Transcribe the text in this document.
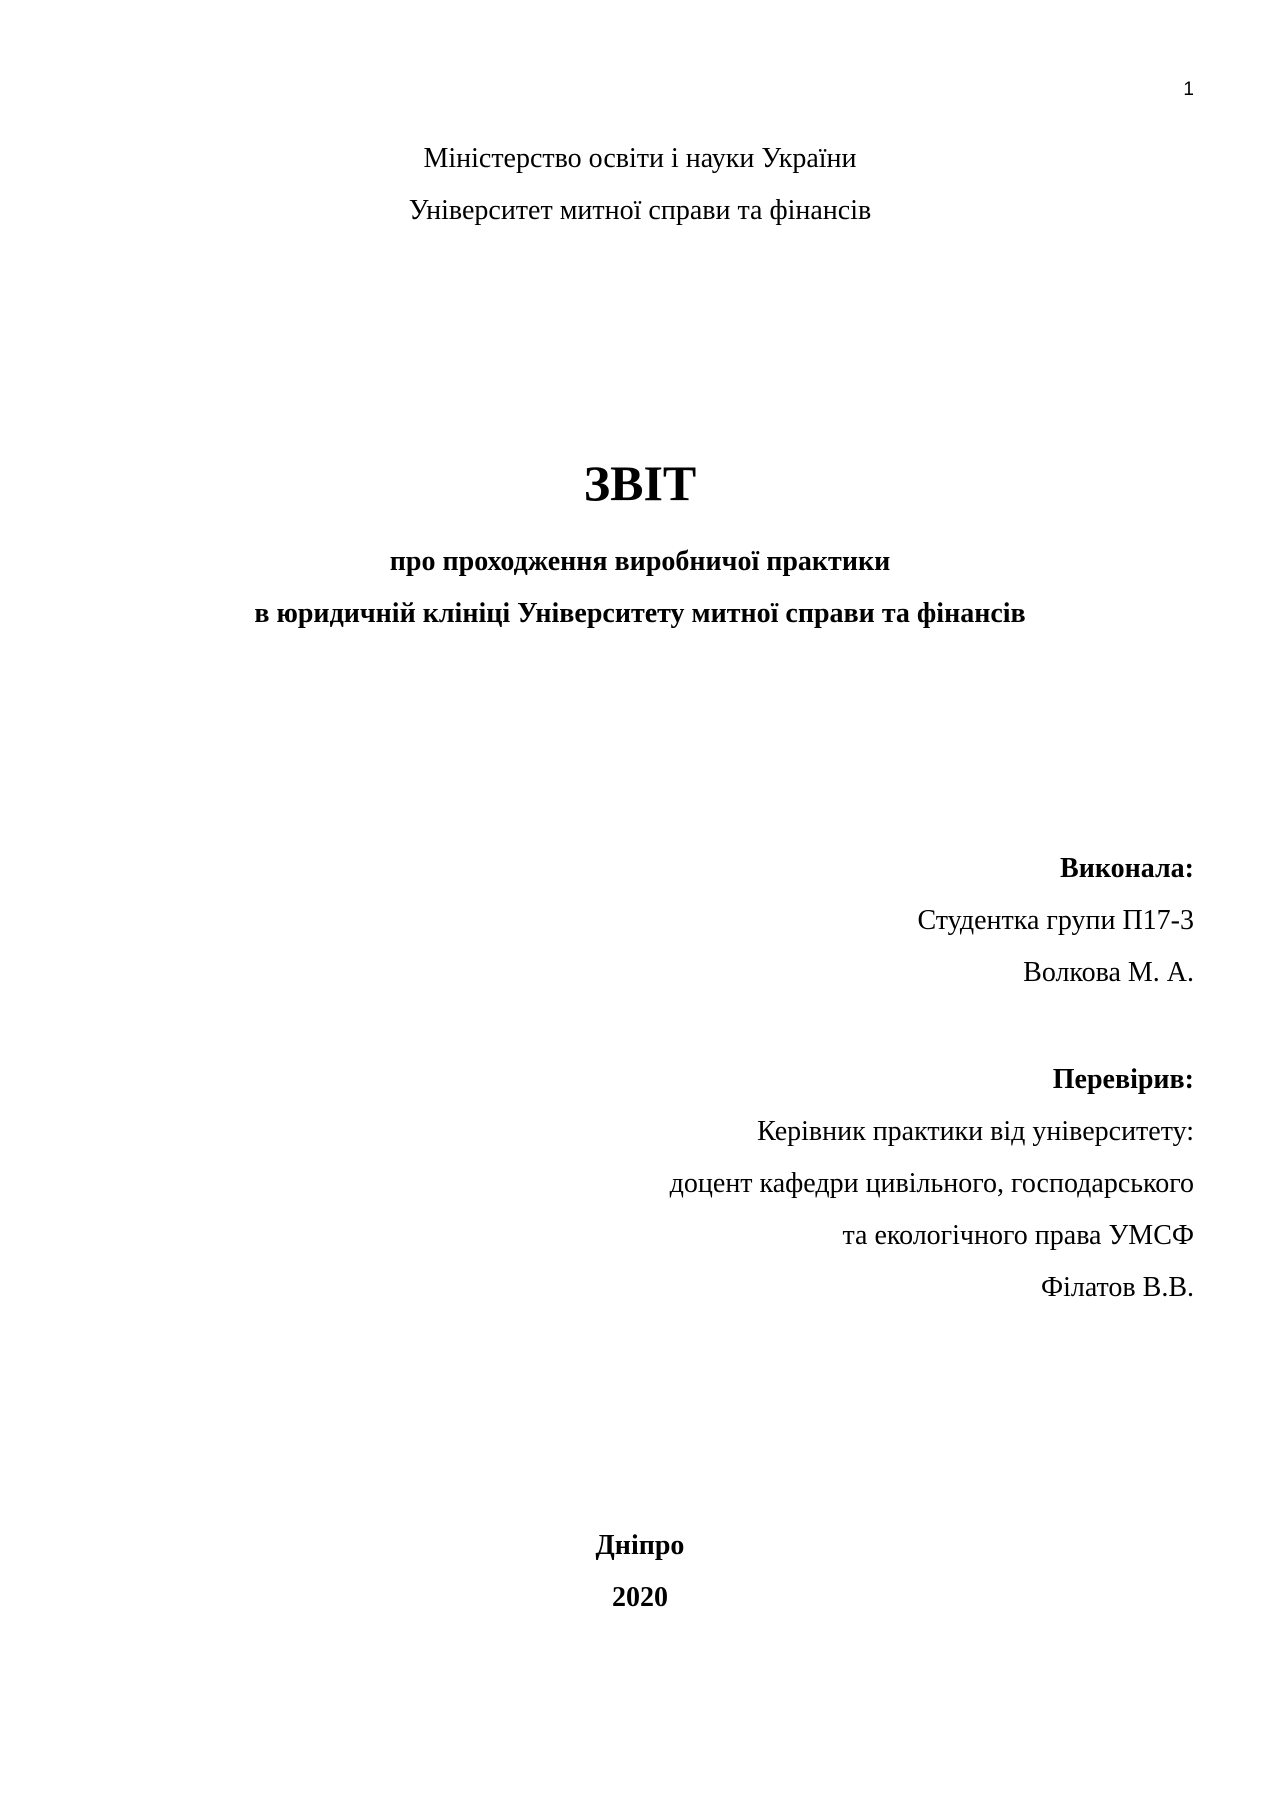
1
Міністерство освіти і науки України
Університет митної справи та фінансів
ЗВІТ
про проходження виробничої практики
в юридичній клініці Університету митної справи та фінансів
Виконала:
Студентка групи П17-3
Волкова М. А.
Перевірив:
Керівник практики від університету:
доцент кафедри цивільного, господарського
та екологічного права УМСФ
Філатов В.В.
Дніпро
2020
